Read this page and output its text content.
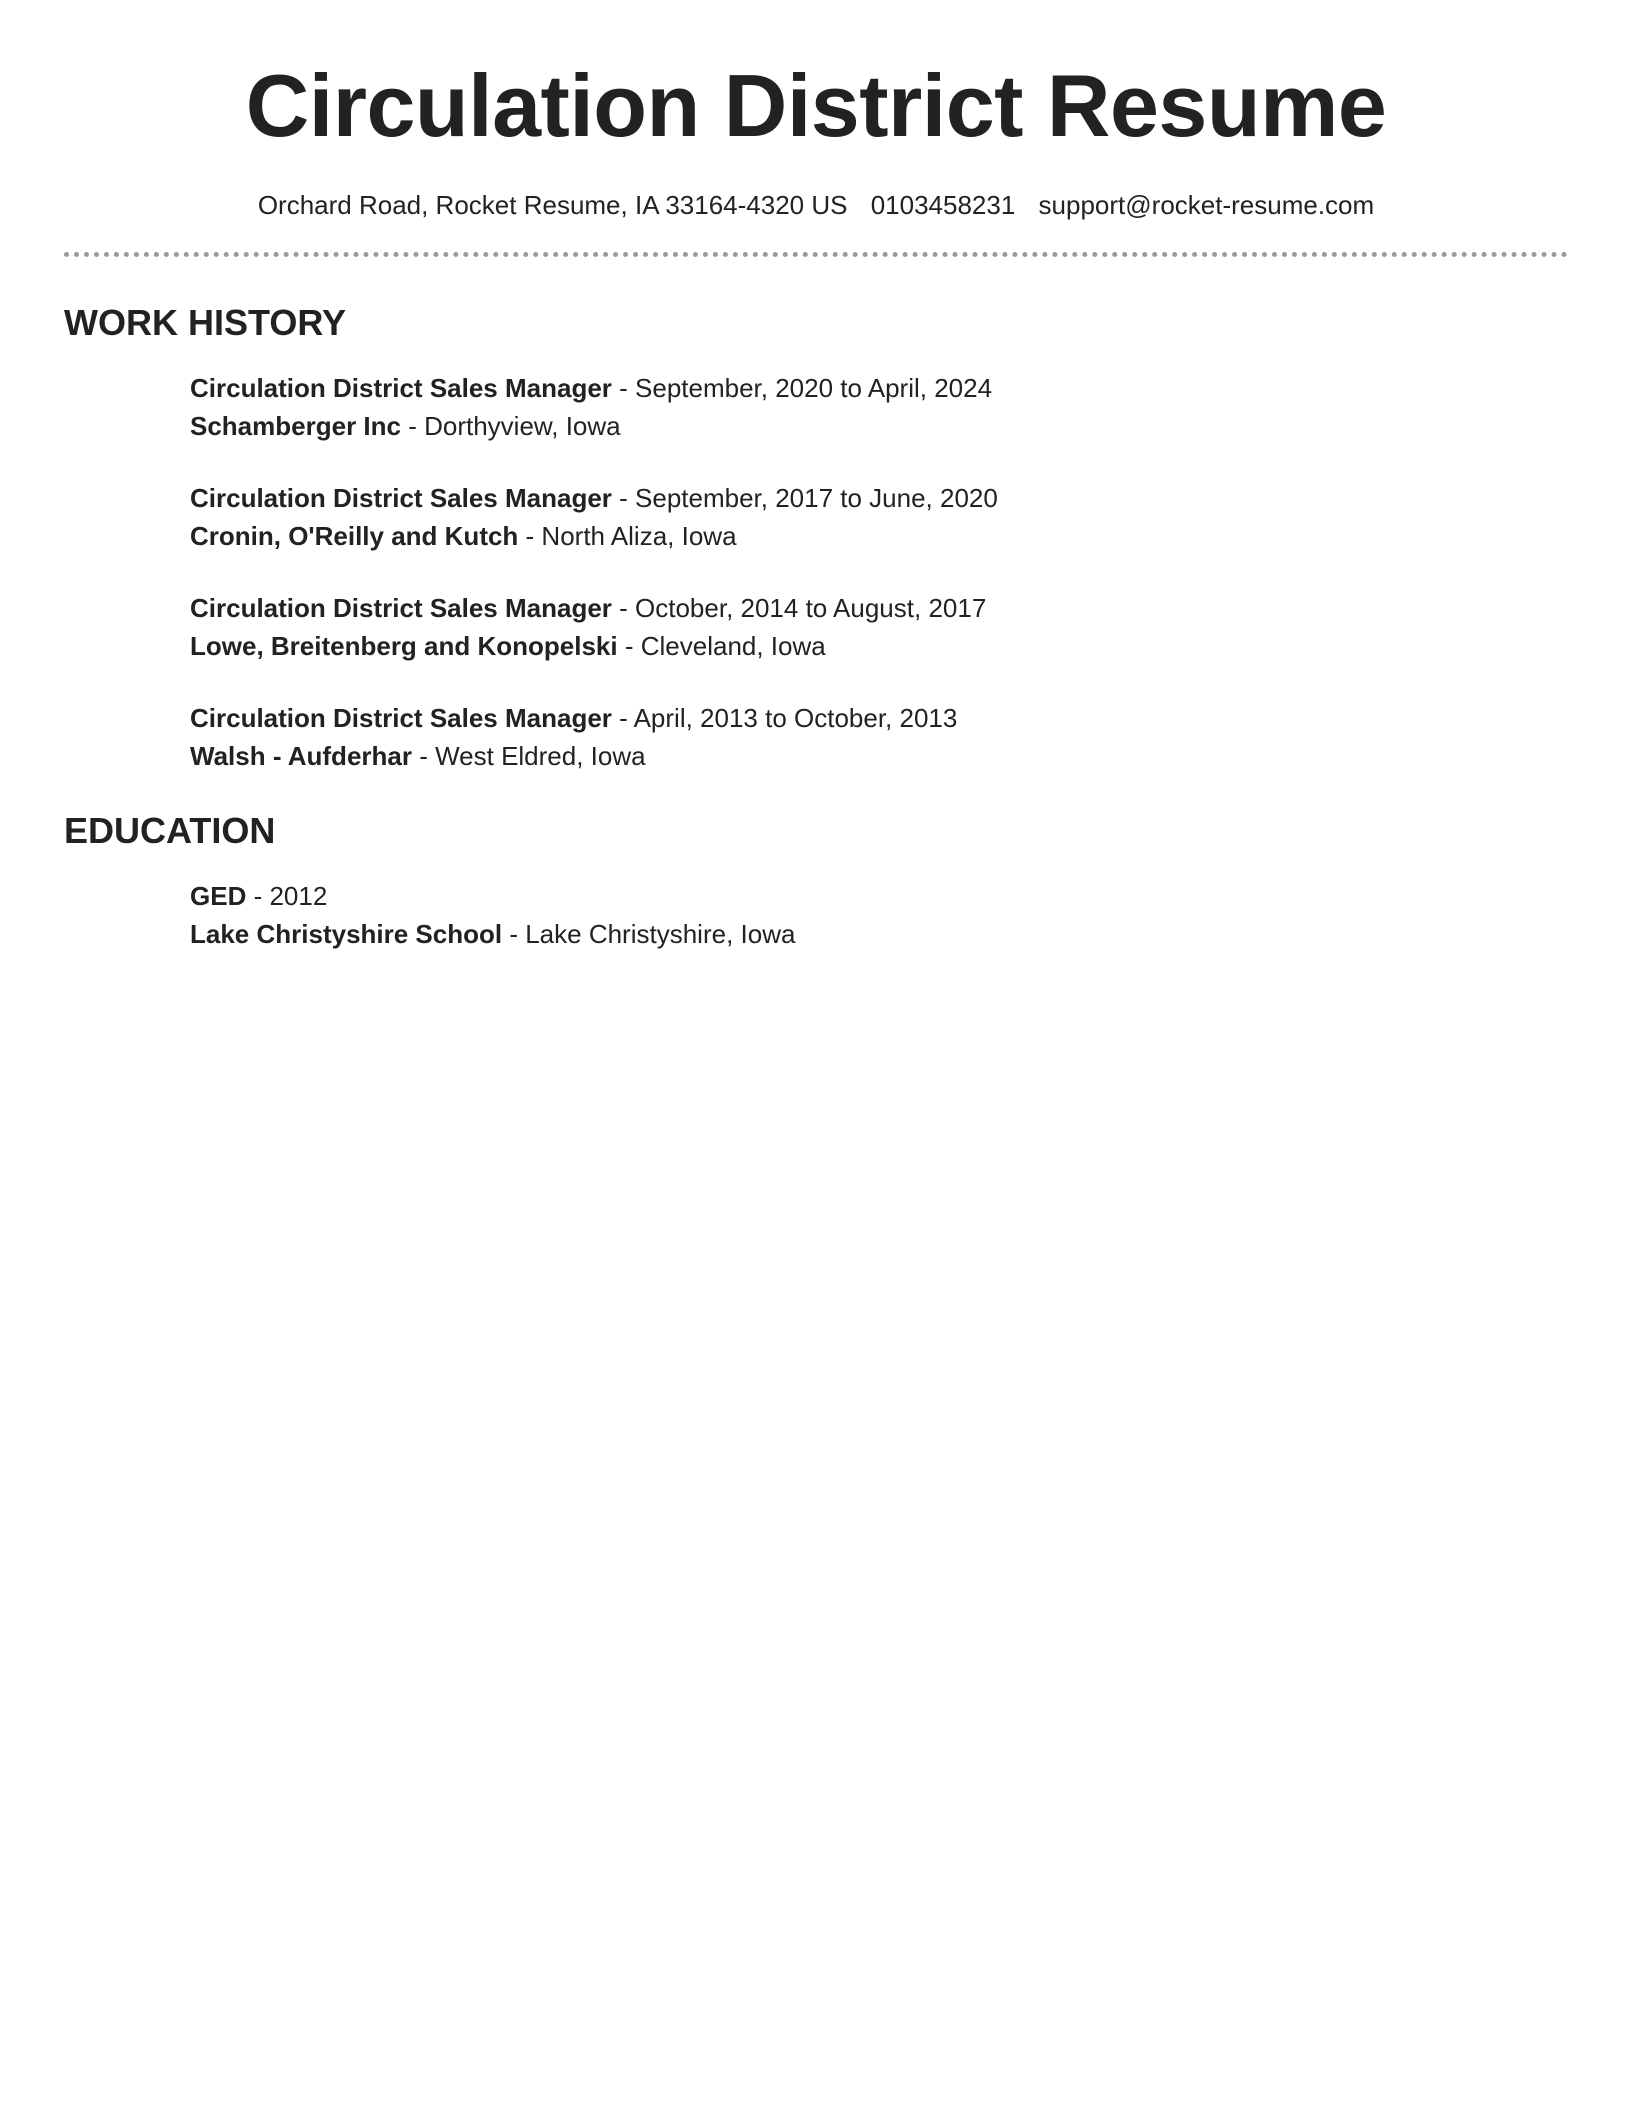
Circulation District Resume
Orchard Road, Rocket Resume, IA 33164-4320 US 0103458231 support@rocket-resume.com
WORK HISTORY
Circulation District Sales Manager - September, 2020 to April, 2024
Schamberger Inc - Dorthyview, Iowa
Circulation District Sales Manager - September, 2017 to June, 2020
Cronin, O'Reilly and Kutch - North Aliza, Iowa
Circulation District Sales Manager - October, 2014 to August, 2017
Lowe, Breitenberg and Konopelski - Cleveland, Iowa
Circulation District Sales Manager - April, 2013 to October, 2013
Walsh - Aufderhar - West Eldred, Iowa
EDUCATION
GED - 2012
Lake Christyshire School - Lake Christyshire, Iowa
